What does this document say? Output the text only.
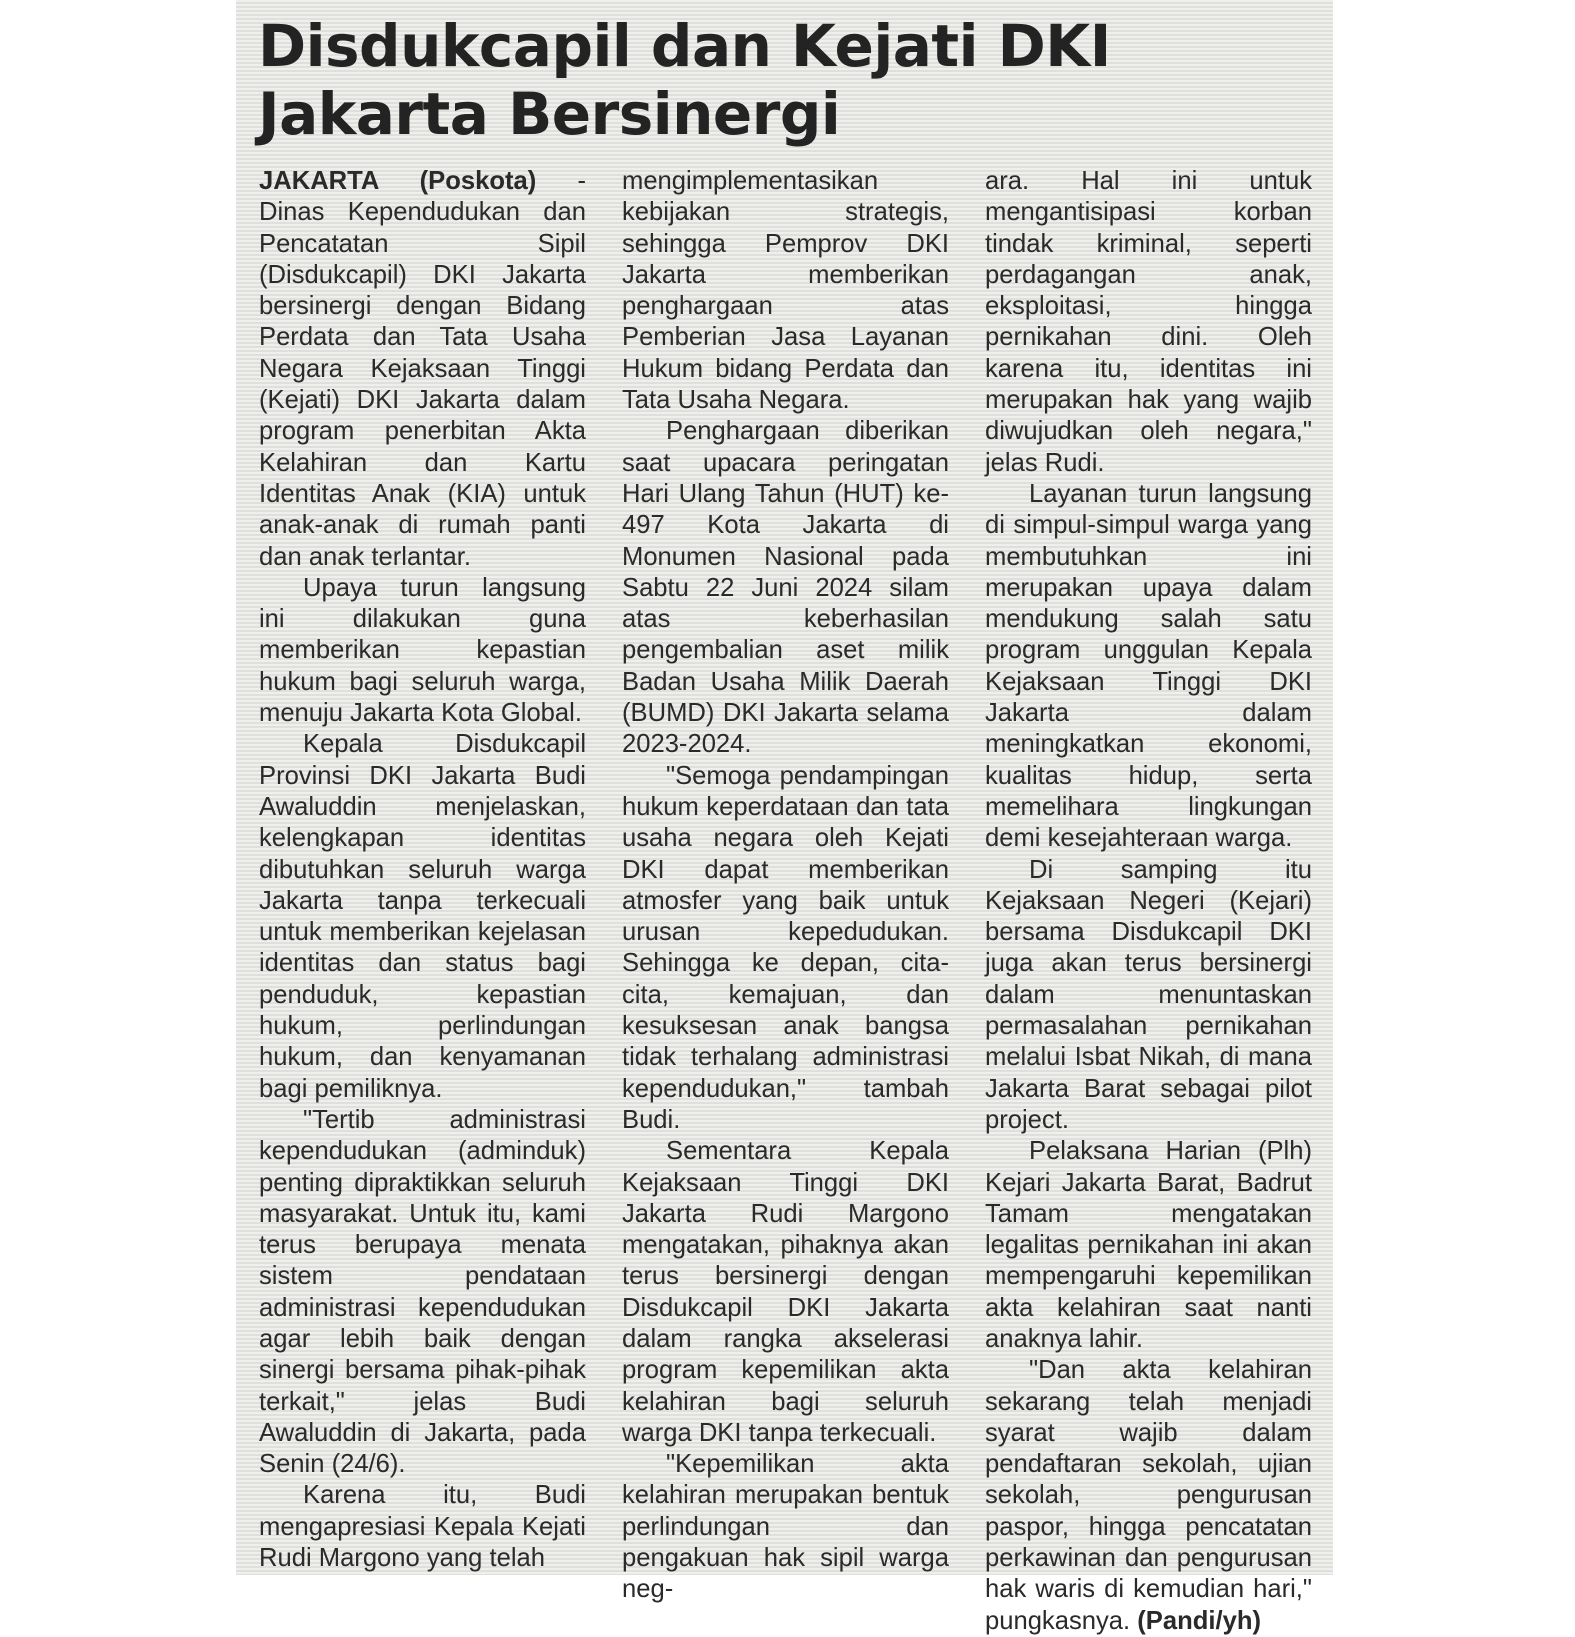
Disdukcapil dan Kejati DKI Jakarta Bersinergi

JAKARTA (Poskota) - Dinas Kependudukan dan Pencatatan Sipil (Disdukcapil) DKI Jakarta bersinergi dengan Bidang Perdata dan Tata Usaha Negara Kejaksaan Tinggi (Kejati) DKI Jakarta dalam program penerbitan Akta Kelahiran dan Kartu Identitas Anak (KIA) untuk anak-anak di rumah panti dan anak terlantar.

Upaya turun langsung ini dilakukan guna memberikan kepastian hukum bagi seluruh warga, menuju Jakarta Kota Global.

Kepala Disdukcapil Provinsi DKI Jakarta Budi Awaluddin menjelaskan, kelengkapan identitas dibutuhkan seluruh warga Jakarta tanpa terkecuali untuk memberikan kejelasan identitas dan status bagi penduduk, kepastian hukum, perlindungan hukum, dan kenyamanan bagi pemiliknya.

"Tertib administrasi kependudukan (adminduk) penting dipraktikkan seluruh masyarakat. Untuk itu, kami terus berupaya menata sistem pendataan administrasi kependudukan agar lebih baik dengan sinergi bersama pihak-pihak terkait," jelas Budi Awaluddin di Jakarta, pada Senin (24/6).

Karena itu, Budi mengapresiasi Kepala Kejati Rudi Margono yang telah

mengimplementasikan kebijakan strategis, sehingga Pemprov DKI Jakarta memberikan penghargaan atas Pemberian Jasa Layanan Hukum bidang Perdata dan Tata Usaha Negara.

Penghargaan diberikan saat upacara peringatan Hari Ulang Tahun (HUT) ke-497 Kota Jakarta di Monumen Nasional pada Sabtu 22 Juni 2024 silam atas keberhasilan pengembalian aset milik Badan Usaha Milik Daerah (BUMD) DKI Jakarta selama 2023-2024.

"Semoga pendampingan hukum keperdataan dan tata usaha negara oleh Kejati DKI dapat memberikan atmosfer yang baik untuk urusan kepedudukan. Sehingga ke depan, cita-cita, kemajuan, dan kesuksesan anak bangsa tidak terhalang administrasi kependudukan," tambah Budi.

Sementara Kepala Kejaksaan Tinggi DKI Jakarta Rudi Margono mengatakan, pihaknya akan terus bersinergi dengan Disdukcapil DKI Jakarta dalam rangka akselerasi program kepemilikan akta kelahiran bagi seluruh warga DKI tanpa terkecuali.

"Kepemilikan akta kelahiran merupakan bentuk perlindungan dan pengakuan hak sipil warga neg-

ara. Hal ini untuk mengantisipasi korban tindak kriminal, seperti perdagangan anak, eksploitasi, hingga pernikahan dini. Oleh karena itu, identitas ini merupakan hak yang wajib diwujudkan oleh negara," jelas Rudi.

Layanan turun langsung di simpul-simpul warga yang membutuhkan ini merupakan upaya dalam mendukung salah satu program unggulan Kepala Kejaksaan Tinggi DKI Jakarta dalam meningkatkan ekonomi, kualitas hidup, serta memelihara lingkungan demi kesejahteraan warga.

Di samping itu Kejaksaan Negeri (Kejari) bersama Disdukcapil DKI juga akan terus bersinergi dalam menuntaskan permasalahan pernikahan melalui Isbat Nikah, di mana Jakarta Barat sebagai pilot project.

Pelaksana Harian (Plh) Kejari Jakarta Barat, Badrut Tamam mengatakan legalitas pernikahan ini akan mempengaruhi kepemilikan akta kelahiran saat nanti anaknya lahir.

"Dan akta kelahiran sekarang telah menjadi syarat wajib dalam pendaftaran sekolah, ujian sekolah, pengurusan paspor, hingga pencatatan perkawinan dan pengurusan hak waris di kemudian hari," pungkasnya. (Pandi/yh)
